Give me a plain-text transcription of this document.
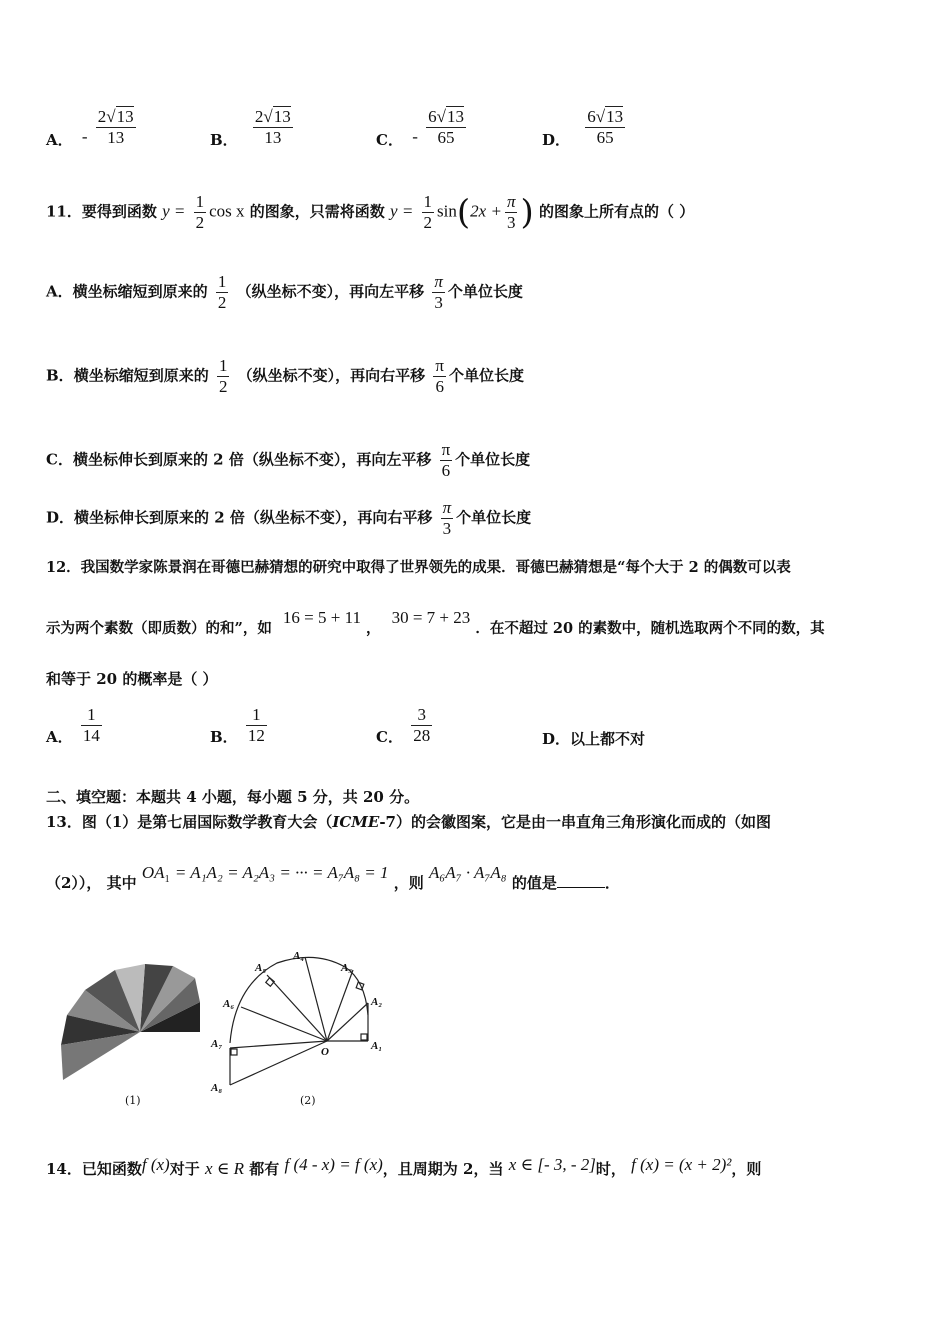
A． - $\frac{2√13}{13}$	B． $\frac{2√13}{13}$	C． - $\frac{6√13}{65}$	D． $\frac{6√13}{65}$
11．要得到函数 $y = \frac{1}{2}$ cos x 的图象，只需将函数 $y = \frac{1}{2} \sin(2x + \frac{\pi}{3}$ ) 的图象上所有点的（ ）
A．横坐标缩短到原来的 $\frac{1}{2}$ （纵坐标不变），再向左平移 $\frac{\pi}{3}$ 个单位长度
B．横坐标缩短到原来的 $\frac{1}{2}$ （纵坐标不变），再向右平移 $\frac{\pi}{6}$ 个单位长度
C．横坐标伸长到原来的 2 倍（纵坐标不变），再向左平移 $\frac{\pi}{6}$ 个单位长度
D．横坐标伸长到原来的 2 倍（纵坐标不变），再向右平移 $\frac{\pi}{3}$ 个单位长度
12．我国数学家陈景润在哥德巴赫猜想的研究中取得了世界领先的成果．哥德巴赫猜想是“每个大于 2 的偶数可以表
示为两个素数（即质数）的和”，如 16 = 5 + 11 ， 30 = 7 + 23 ．在不超过 20 的素数中，随机选取两个不同的数，其
和等于 20 的概率是（ ）
A． $\frac{1}{14}$	B． $\frac{1}{12}$	C． $\frac{3}{28}$	D．以上都不对
二、填空题：本题共 4 小题，每小题 5 分，共 20 分。
13．图（1）是第七届国际数学教育大会（ICME-7）的会徽图案，它是由一串直角三角形演化而成的（如图
（2））， 其中 $OA_1 = A_1A_2 = A_2A_3$ = ··· = A₇A₈ = 1 ，则 A₆A₇ · A₇A₈ 的值是	．
(1)
A₁
A₂
A₃
A₄
A₅
A₆
A₇
A₈
O
(2)
14．已知函数f (x)对于 x ∈ R 都有 f (4 - x) = f (x)，且周期为 2，当 x ∈ [- 3, - 2]时， f (x) = (x + 2)²，则
